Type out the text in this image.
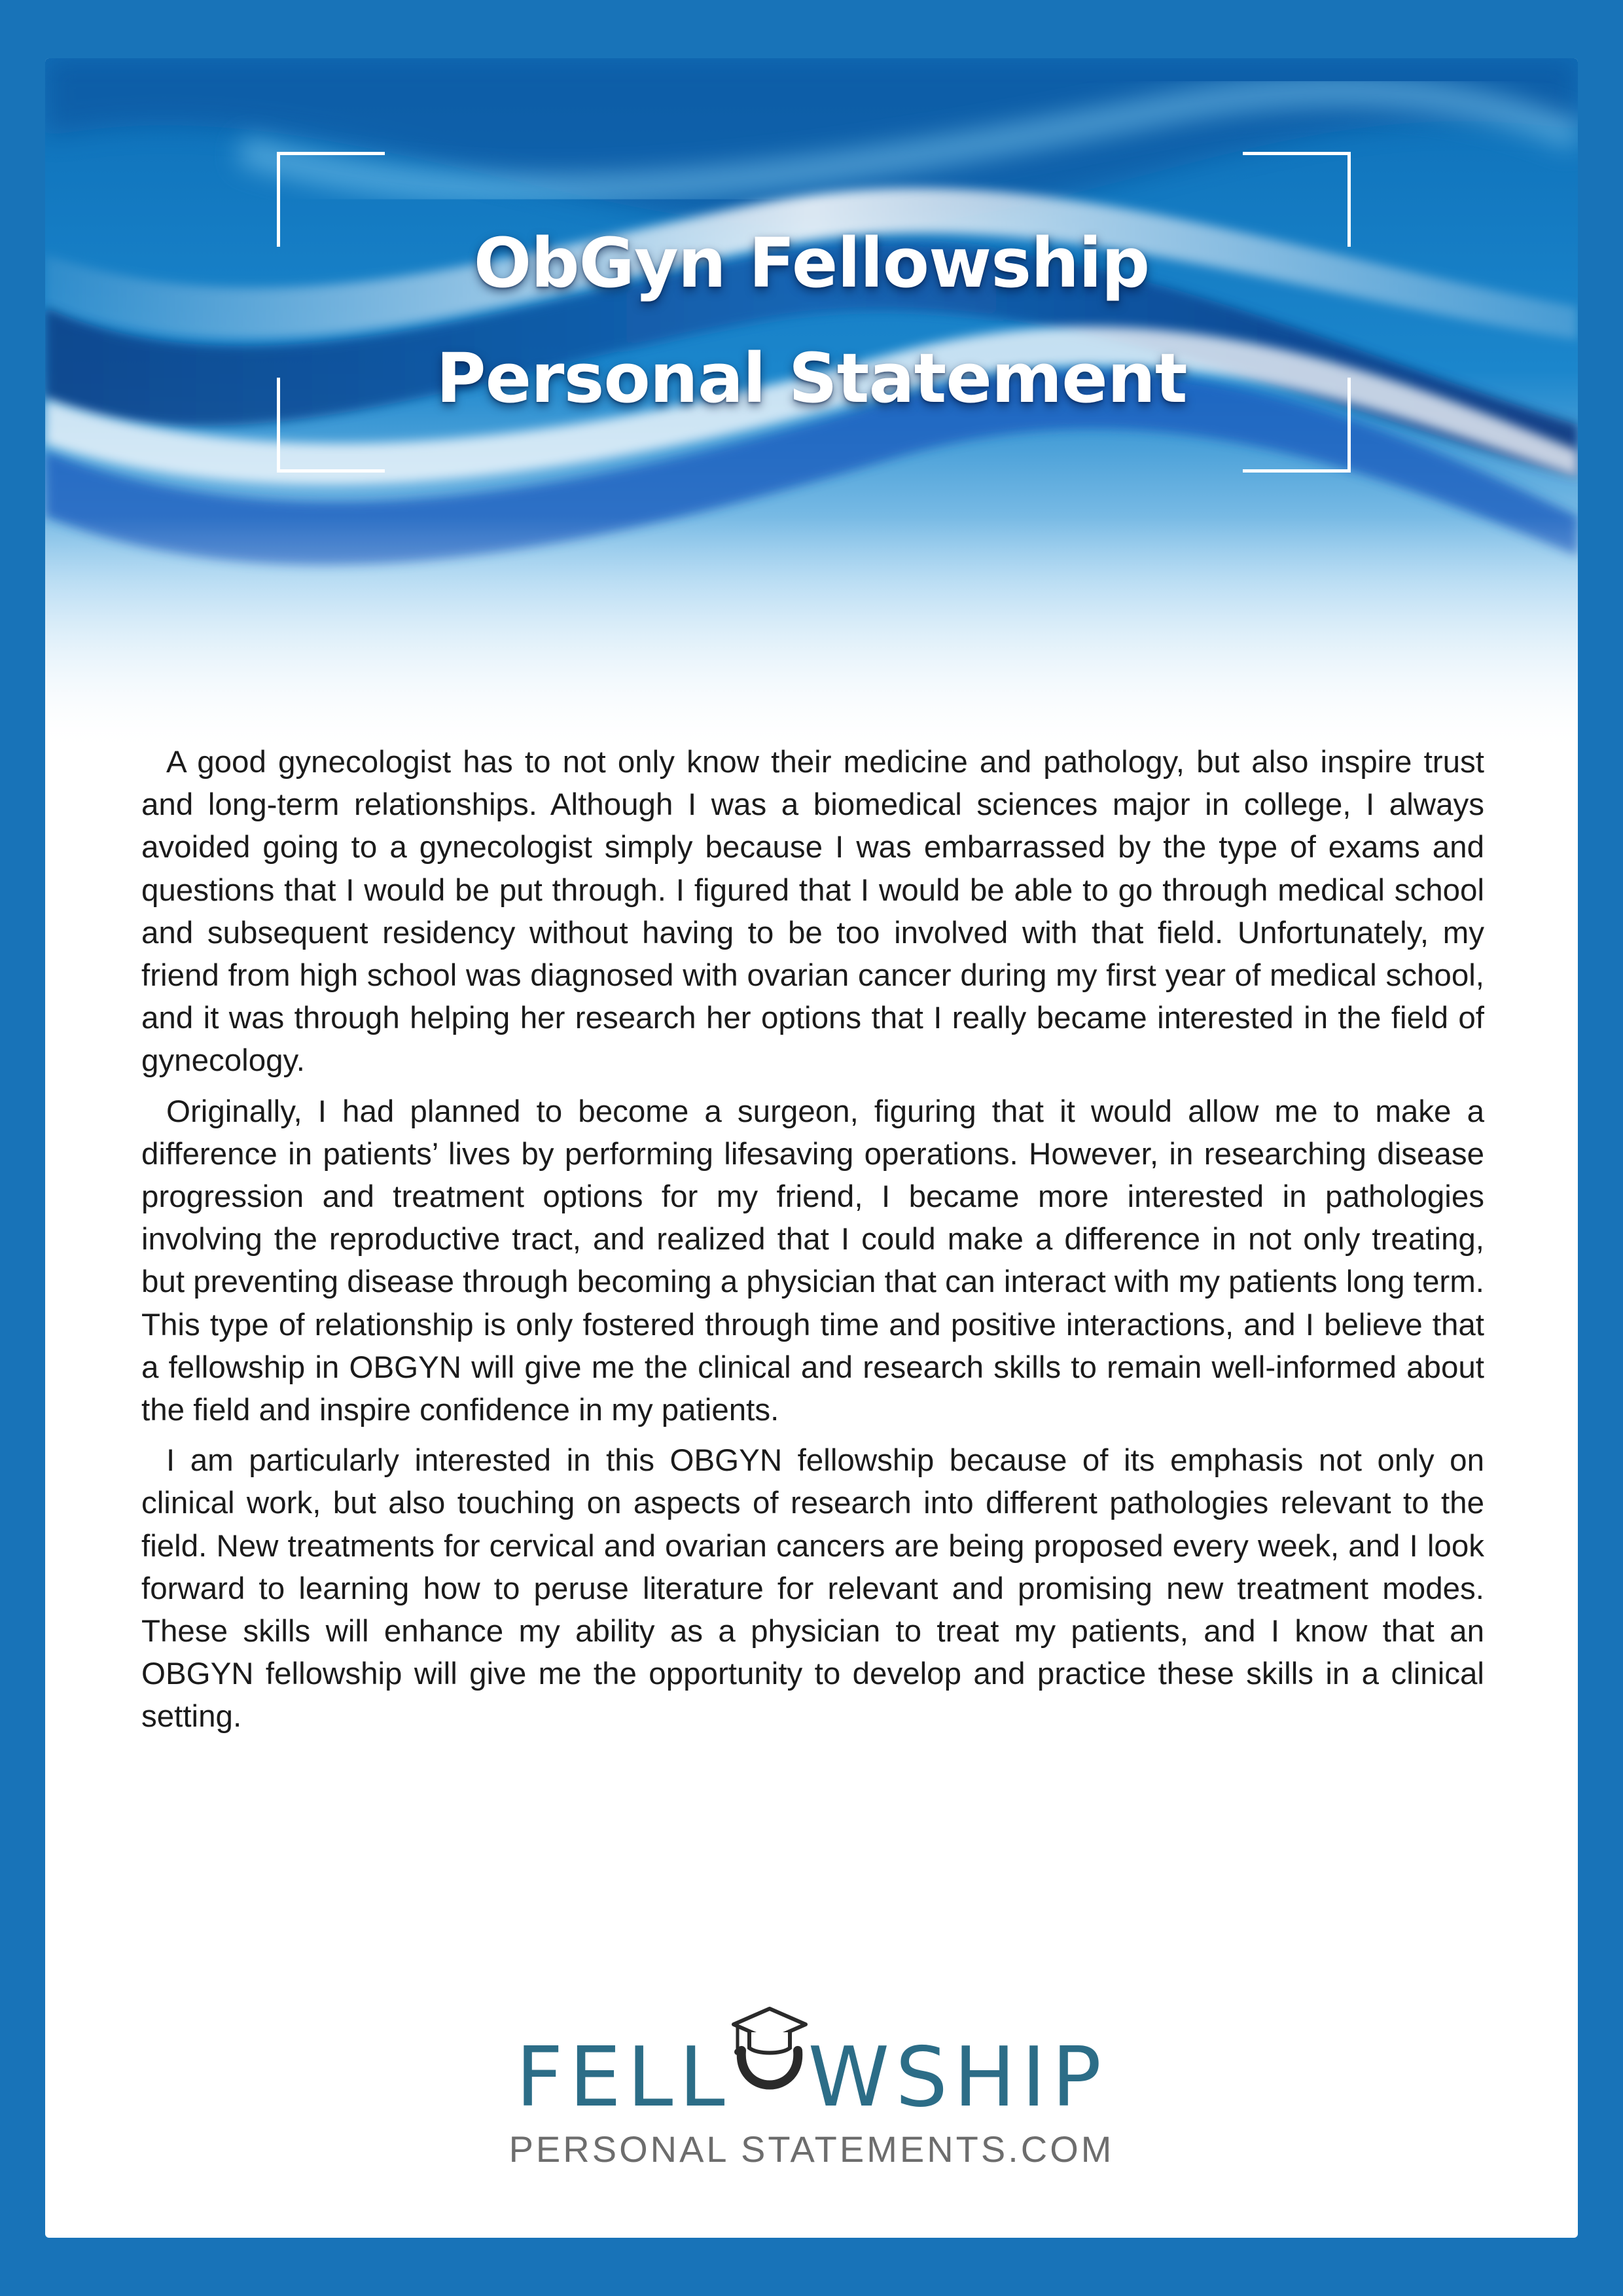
ObGyn Fellowship
Personal Statement

A good gynecologist has to not only know their medicine and pathology, but also inspire trust and long-term relationships. Although I was a biomedical sciences major in college, I always avoided going to a gynecologist simply because I was embarrassed by the type of exams and questions that I would be put through. I figured that I would be able to go through medical school and subsequent residency without having to be too involved with that field. Unfortunately, my friend from high school was diagnosed with ovarian cancer during my first year of medical school, and it was through helping her research her options that I really became interested in the field of gynecology.

Originally, I had planned to become a surgeon, figuring that it would allow me to make a difference in patients’ lives by performing lifesaving operations. However, in researching disease progression and treatment options for my friend, I became more interested in pathologies involving the reproductive tract, and realized that I could make a difference in not only treating, but preventing disease through becoming a physician that can interact with my patients long term. This type of relationship is only fostered through time and positive interactions, and I believe that a fellowship in OBGYN will give me the clinical and research skills to remain well-informed about the field and inspire confidence in my patients.

I am particularly interested in this OBGYN fellowship because of its emphasis not only on clinical work, but also touching on aspects of research into different pathologies relevant to the field. New treatments for cervical and ovarian cancers are being proposed every week, and I look forward to learning how to peruse literature for relevant and promising new treatment modes. These skills will enhance my ability as a physician to treat my patients, and I know that an OBGYN fellowship will give me the opportunity to develop and practice these skills in a clinical setting.

FELL WSHIP
PERSONAL STATEMENTS.COM
